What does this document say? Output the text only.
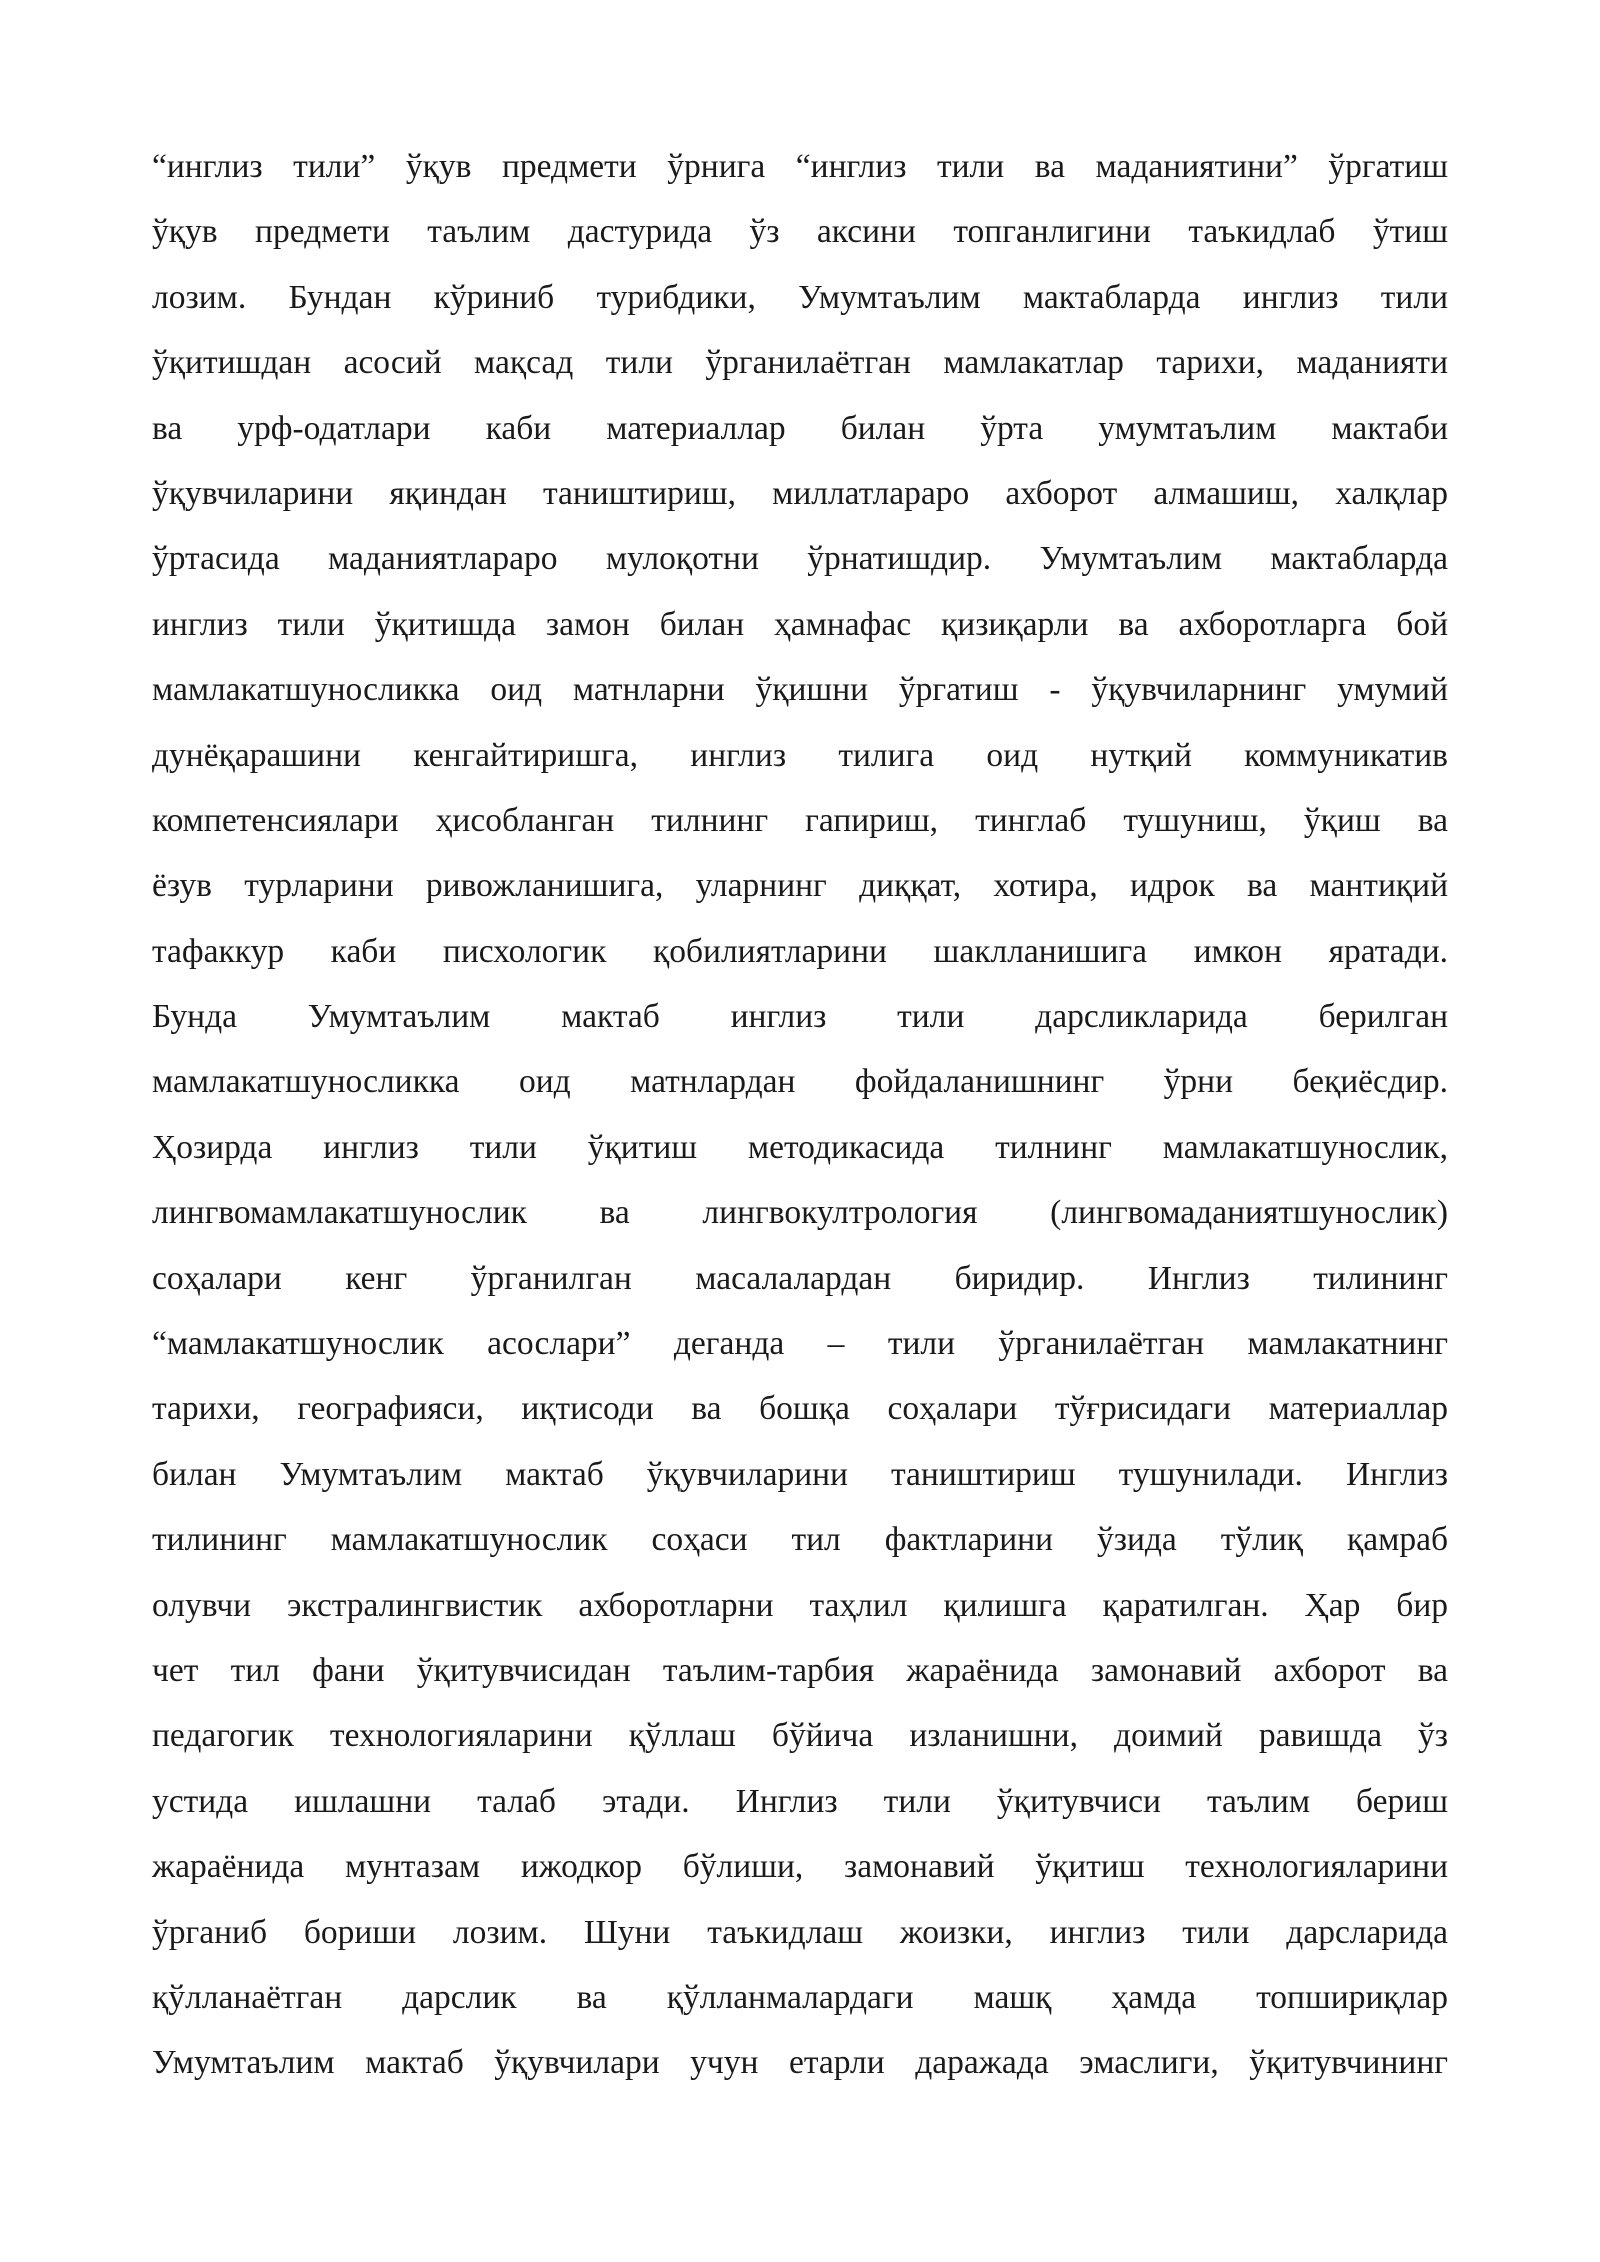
“инглиз тили” ўқув предмети ўрнига “инглиз тили ва маданиятини” ўргатиш
ўқув предмети таълим дастурида ўз аксини топганлигини таъкидлаб ўтиш
лозим. Бундан кўриниб турибдики, Умумтаълим мактабларда инглиз тили
ўқитишдан асосий мақсад тили ўрганилаётган мамлакатлар тарихи, маданияти
ва урф-одатлари каби материаллар билан ўрта умумтаълим мактаби
ўқувчиларини яқиндан таништириш, миллатлараро ахборот алмашиш, халқлар
ўртасида маданиятлараро мулоқотни ўрнатишдир. Умумтаълим мактабларда
инглиз тили ўқитишда замон билан ҳамнафас қизиқарли ва ахборотларга бой
мамлакатшуносликка оид матнларни ўқишни ўргатиш - ўқувчиларнинг умумий
дунёқарашини кенгайтиришга, инглиз тилига оид нутқий коммуникатив
компетенсиялари ҳисобланган тилнинг гапириш, тинглаб тушуниш, ўқиш ва
ёзув турларини ривожланишига, уларнинг диққат, хотира, идрок ва мантиқий
тафаккур каби писхологик қобилиятларини шаклланишига имкон яратади.
Бунда Умумтаълим мактаб инглиз тили дарсликларида берилган
мамлакатшуносликка оид матнлардан фойдаланишнинг ўрни беқиёсдир.
Ҳозирда инглиз тили ўқитиш методикасида тилнинг мамлакатшунослик,
лингвомамлакатшунослик ва лингвокултрология (лингвомаданиятшунослик)
соҳалари кенг ўрганилган масалалардан биридир. Инглиз тилининг
“мамлакатшунослик асослари” деганда – тили ўрганилаётган мамлакатнинг
тарихи, географияси, иқтисоди ва бошқа соҳалари тўғрисидаги материаллар
билан Умумтаълим мактаб ўқувчиларини таништириш тушунилади. Инглиз
тилининг мамлакатшунослик соҳаси тил фактларини ўзида тўлиқ қамраб
олувчи экстралингвистик ахборотларни таҳлил қилишга қаратилган. Ҳар бир
чет тил фани ўқитувчисидан таълим-тарбия жараёнида замонавий ахборот ва
педагогик технологияларини қўллаш бўйича изланишни, доимий равишда ўз
устида ишлашни талаб этади. Инглиз тили ўқитувчиси таълим бериш
жараёнида мунтазам ижодкор бўлиши, замонавий ўқитиш технологияларини
ўрганиб бориши лозим. Шуни таъкидлаш жоизки, инглиз тили дарсларида
қўлланаётган дарслик ва қўлланмалардаги машқ ҳамда топшириқлар
Умумтаълим мактаб ўқувчилари учун етарли даражада эмаслиги, ўқитувчининг
